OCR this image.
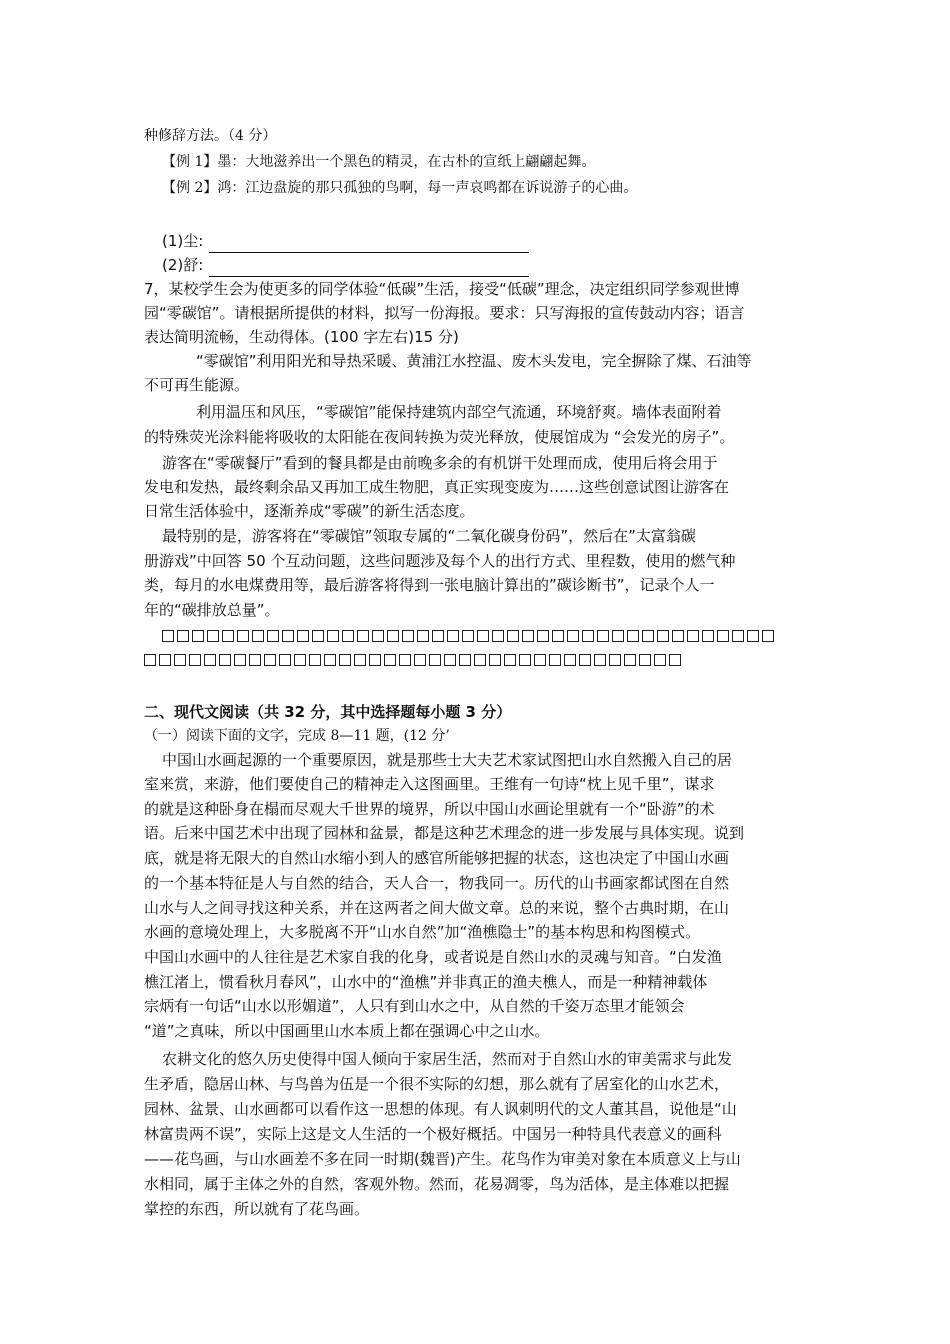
种修辞方法。（4 分）
【例 1】墨：大地滋养出一个黑色的精灵，在古朴的宣纸上翩翩起舞。
【例 2】鸿：江边盘旋的那只孤独的鸟啊，每一声哀鸣都在诉说游子的心曲。
(1)尘:
(2)舒:
7，某校学生会为使更多的同学体验“低碳”生活，接受“低碳”理念，决定组织同学参观世博
园“零碳馆”。请根据所提供的材料，拟写一份海报。要求：只写海报的宣传鼓动内容；语言
表达简明流畅，生动得体。(100 字左右)15 分)
“零碳馆”利用阳光和导热采暖、黄浦江水控温、废木头发电，完全摒除了煤、石油等
不可再生能源。
利用温压和风压，“零碳馆”能保持建筑内部空气流通，环境舒爽。墙体表面附着
的特殊荧光涂料能将吸收的太阳能在夜间转换为荧光释放，使展馆成为 “会发光的房子”。
游客在“零碳餐厅”看到的餐具都是由前晚多余的有机饼干处理而成，使用后将会用于
发电和发热，最终剩余品又再加工成生物肥，真正实现变废为……这些创意试图让游客在
日常生活体验中，逐渐养成“零碳”的新生活态度。
最特别的是，游客将在“零碳馆”领取专属的“二氧化碳身份码”，然后在”太富翁碳
册游戏”中回答 50 个互动问题，这些问题涉及每个人的出行方式、里程数，使用的燃气种
类，每月的水电煤费用等，最后游客将得到一张电脑计算出的”碳诊断书”，记录个人一
年的“碳排放总量”。
二、现代文阅读（共 32 分，其中选择题每小题 3 分）
（一）阅读下面的文字，完成 8—11 题，(12 分’
中国山水画起源的一个重要原因，就是那些士大夫艺术家试图把山水自然搬入自己的居
室来赏，来游，他们要使自己的精神走入这图画里。王维有一句诗“枕上见千里”，谋求
的就是这种卧身在榻而尽观大千世界的境界，所以中国山水画论里就有一个“卧游”的术
语。后来中国艺术中出现了园林和盆景，都是这种艺术理念的进一步发展与具体实现。说到
底，就是将无限大的自然山水缩小到人的感官所能够把握的状态，这也决定了中国山水画
的一个基本特征是人与自然的结合，天人合一，物我同一。历代的山书画家都试图在自然
山水与人之间寻找这种关系，并在这两者之间大做文章。总的来说，整个古典时期，在山
水画的意境处理上，大多脱离不开“山水自然”加“渔樵隐士”的基本构思和构图模式。
中国山水画中的人往往是艺术家自我的化身，或者说是自然山水的灵魂与知音。“白发渔
樵江渚上，惯看秋月春风”，山水中的“渔樵”并非真正的渔夫樵人，而是一种精神载体
宗炳有一句话“山水以形媚道”，人只有到山水之中，从自然的千姿万态里才能领会
“道”之真味，所以中国画里山水本质上都在强调心中之山水。
农耕文化的悠久历史使得中国人倾向于家居生活，然而对于自然山水的审美需求与此发
生矛盾，隐居山林、与鸟兽为伍是一个很不实际的幻想，那么就有了居室化的山水艺术，
园林、盆景、山水画都可以看作这一思想的体现。有人讽刺明代的文人董其昌，说他是“山
林富贵两不误”，实际上这是文人生活的一个极好概括。中国另一种特具代表意义的画科
——花鸟画，与山水画差不多在同一时期(魏晋)产生。花鸟作为审美对象在本质意义上与山
水相同，属于主体之外的自然，客观外物。然而，花易凋零，鸟为活体，是主体难以把握
掌控的东西，所以就有了花鸟画。
